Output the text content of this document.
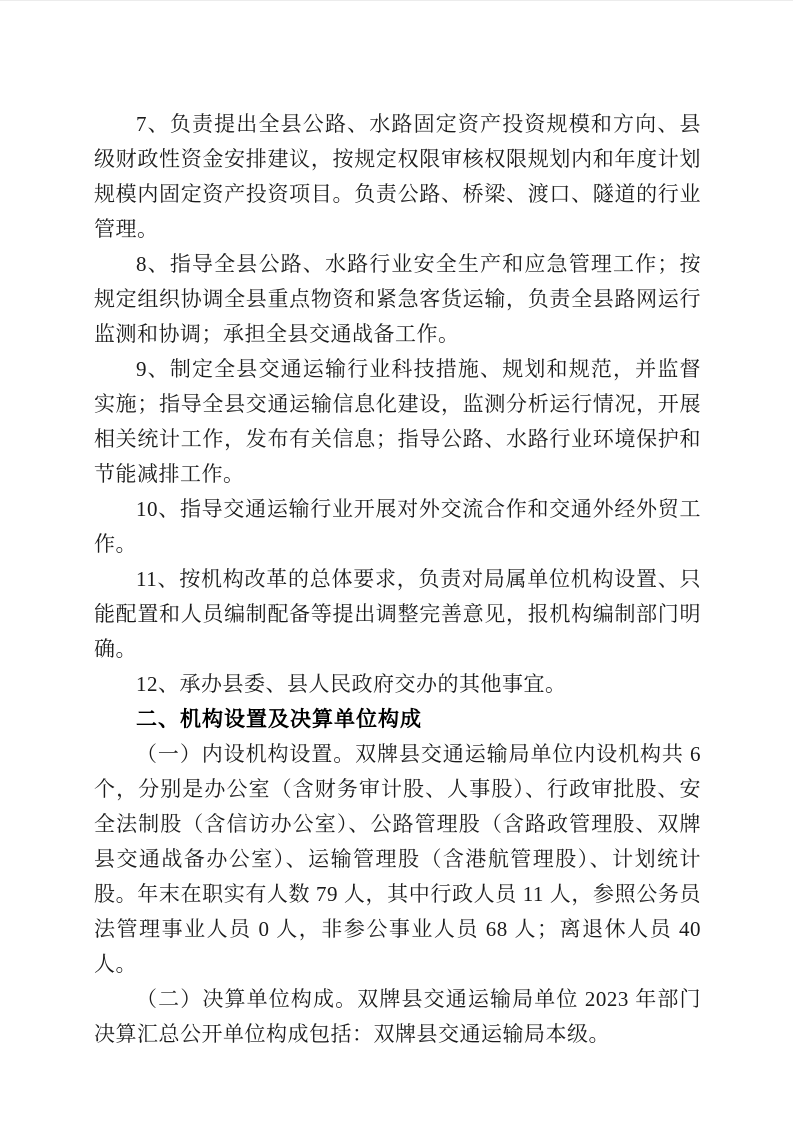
7、负责提出全县公路、水路固定资产投资规模和方向、县级财政性资金安排建议，按规定权限审核权限规划内和年度计划规模内固定资产投资项目。负责公路、桥梁、渡口、隧道的行业管理。

8、指导全县公路、水路行业安全生产和应急管理工作；按规定组织协调全县重点物资和紧急客货运输，负责全县路网运行监测和协调；承担全县交通战备工作。

9、制定全县交通运输行业科技措施、规划和规范，并监督实施；指导全县交通运输信息化建设，监测分析运行情况，开展相关统计工作，发布有关信息；指导公路、水路行业环境保护和节能减排工作。

10、指导交通运输行业开展对外交流合作和交通外经外贸工作。

11、按机构改革的总体要求，负责对局属单位机构设置、只能配置和人员编制配备等提出调整完善意见，报机构编制部门明确。

12、承办县委、县人民政府交办的其他事宜。

二、机构设置及决算单位构成

（一）内设机构设置。双牌县交通运输局单位内设机构共 6 个，分别是办公室（含财务审计股、人事股）、行政审批股、安全法制股（含信访办公室）、公路管理股（含路政管理股、双牌县交通战备办公室）、运输管理股（含港航管理股）、计划统计股。年末在职实有人数 79 人，其中行政人员 11 人，参照公务员法管理事业人员 0 人，非参公事业人员 68 人；离退休人员 40 人。

（二）决算单位构成。双牌县交通运输局单位 2023 年部门决算汇总公开单位构成包括：双牌县交通运输局本级。
